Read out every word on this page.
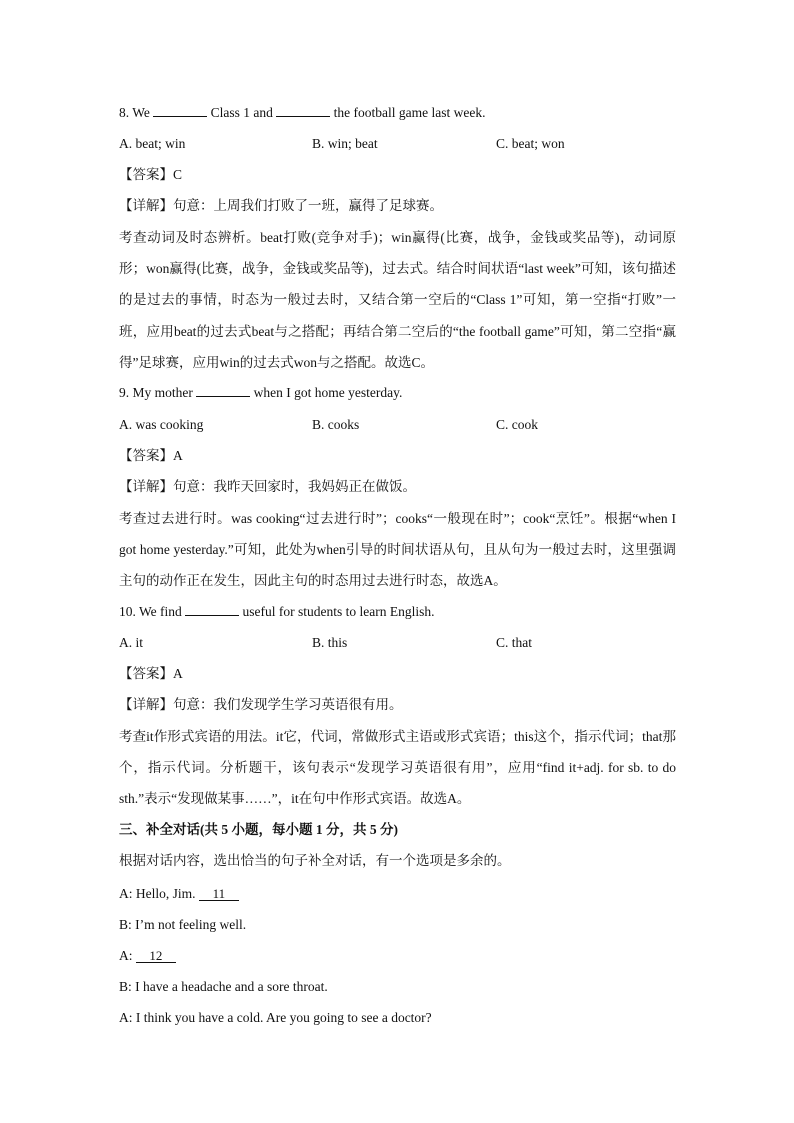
8. We	Class 1 and	the football game last week.
A. beat; win	B. win; beat	C. beat; won
【答案】C
【详解】句意：上周我们打败了一班，赢得了足球赛。
考查动词及时态辨析。beat打败(竞争对手)；win赢得(比赛，战争，金钱或奖品等)，动词原形；won赢得(比赛，战争，金钱或奖品等)，过去式。结合时间状语“last week”可知，该句描述的是过去的事情，时态为一般过去时，又结合第一空后的“Class 1”可知，第一空指“打败”一班，应用beat的过去式beat与之搭配；再结合第二空后的“the football game”可知，第二空指“赢得”足球赛，应用win的过去式won与之搭配。故选C。
9. My mother	when I got home yesterday.
A. was cooking	B. cooks	C. cook
【答案】A
【详解】句意：我昨天回家时，我妈妈正在做饭。
考查过去进行时。was cooking“过去进行时”；cooks“一般现在时”；cook“烹饪”。根据“when I got home yesterday.”可知，此处为when引导的时间状语从句，且从句为一般过去时，这里强调主句的动作正在发生，因此主句的时态用过去进行时态，故选A。
10. We find	useful for students to learn English.
A. it	B. this	C. that
【答案】A
【详解】句意：我们发现学生学习英语很有用。
考查it作形式宾语的用法。it它，代词，常做形式主语或形式宾语；this这个，指示代词；that那个，指示代词。分析题干，该句表示“发现学习英语很有用”，应用“find it+adj. for sb. to do sth.”表示“发现做某事……”，it在句中作形式宾语。故选A。
三、补全对话(共 5 小题，每小题 1 分，共 5 分)
根据对话内容，选出恰当的句子补全对话，有一个选项是多余的。
A: Hello, Jim. 11
B: I’m not feeling well.
A: 12
B: I have a headache and a sore throat.
A: I think you have a cold. Are you going to see a doctor?
